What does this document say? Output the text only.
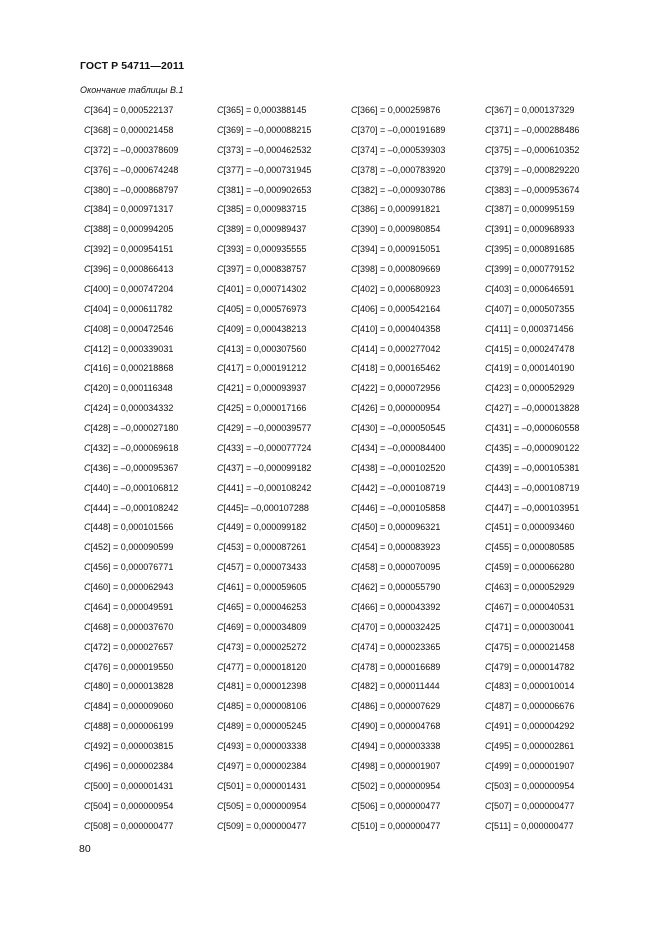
ГОСТ Р 54711—2011
Окончание таблицы В.1
C[364] = 0,000522137	C[365] = 0,000388145	C[366] = 0,000259876	C[367] = 0,000137329
C[368] = 0,000021458	C[369] = –0,000088215	C[370] = –0,000191689	C[371] = –0,000288486
C[372] = –0,000378609	C[373] = –0,000462532	C[374] = –0,000539303	C[375] = –0,000610352
C[376] = –0,000674248	C[377] = –0,000731945	C[378] = –0,000783920	C[379] = –0,000829220
C[380] = –0,000868797	C[381] = –0,000902653	C[382] = –0,000930786	C[383] = –0,000953674
C[384] = 0,000971317	C[385] = 0,000983715	C[386] = 0,000991821	C[387] = 0,000995159
C[388] = 0,000994205	C[389] = 0,000989437	C[390] = 0,000980854	C[391] = 0,000968933
C[392] = 0,000954151	C[393] = 0,000935555	C[394] = 0,000915051	C[395] = 0,000891685
C[396] = 0,000866413	C[397] = 0,000838757	C[398] = 0,000809669	C[399] = 0,000779152
C[400] = 0,000747204	C[401] = 0,000714302	C[402] = 0,000680923	C[403] = 0,000646591
C[404] = 0,000611782	C[405] = 0,000576973	C[406] = 0,000542164	C[407] = 0,000507355
C[408] = 0,000472546	C[409] = 0,000438213	C[410] = 0,000404358	C[411] = 0,000371456
C[412] = 0,000339031	C[413] = 0,000307560	C[414] = 0,000277042	C[415] = 0,000247478
C[416] = 0,000218868	C[417] = 0,000191212	C[418] = 0,000165462	C[419] = 0,000140190
C[420] = 0,000116348	C[421] = 0,000093937	C[422] = 0,000072956	C[423] = 0,000052929
C[424] = 0,000034332	C[425] = 0,000017166	C[426] = 0,000000954	C[427] = –0,000013828
C[428] = –0,000027180	C[429] = –0,000039577	C[430] = –0,000050545	C[431] = –0,000060558
C[432] = –0,000069618	C[433] = –0,000077724	C[434] = –0,000084400	C[435] = –0,000090122
C[436] = –0,000095367	C[437] = –0,000099182	C[438] = –0,000102520	C[439] = –0,000105381
C[440] = –0,000106812	C[441] = –0,000108242	C[442] = –0,000108719	C[443] = –0,000108719
C[444] = –0,000108242	C[445]= –0,000107288	C[446] = –0,000105858	C[447] = –0,000103951
C[448] = 0,000101566	C[449] = 0,000099182	C[450] = 0,000096321	C[451] = 0,000093460
C[452] = 0,000090599	C[453] = 0,000087261	C[454] = 0,000083923	C[455] = 0,000080585
C[456] = 0,000076771	C[457] = 0,000073433	C[458] = 0,000070095	C[459] = 0,000066280
C[460] = 0,000062943	C[461] = 0,000059605	C[462] = 0,000055790	C[463] = 0,000052929
C[464] = 0,000049591	C[465] = 0,000046253	C[466] = 0,000043392	C[467] = 0,000040531
C[468] = 0,000037670	C[469] = 0,000034809	C[470] = 0,000032425	C[471] = 0,000030041
C[472] = 0,000027657	C[473] = 0,000025272	C[474] = 0,000023365	C[475] = 0,000021458
C[476] = 0,000019550	C[477] = 0,000018120	C[478] = 0,000016689	C[479] = 0,000014782
C[480] = 0,000013828	C[481] = 0,000012398	C[482] = 0,000011444	C[483] = 0,000010014
C[484] = 0,000009060	C[485] = 0,000008106	C[486] = 0,000007629	C[487] = 0,000006676
C[488] = 0,000006199	C[489] = 0,000005245	C[490] = 0,000004768	C[491] = 0,000004292
C[492] = 0,000003815	C[493] = 0,000003338	C[494] = 0,000003338	C[495] = 0,000002861
C[496] = 0,000002384	C[497] = 0,000002384	C[498] = 0,000001907	C[499] = 0,000001907
C[500] = 0,000001431	C[501] = 0,000001431	C[502] = 0,000000954	C[503] = 0,000000954
C[504] = 0,000000954	C[505] = 0,000000954	C[506] = 0,000000477	C[507] = 0,000000477
C[508] = 0,000000477	C[509] = 0,000000477	C[510] = 0,000000477	C[511] = 0,000000477
80
